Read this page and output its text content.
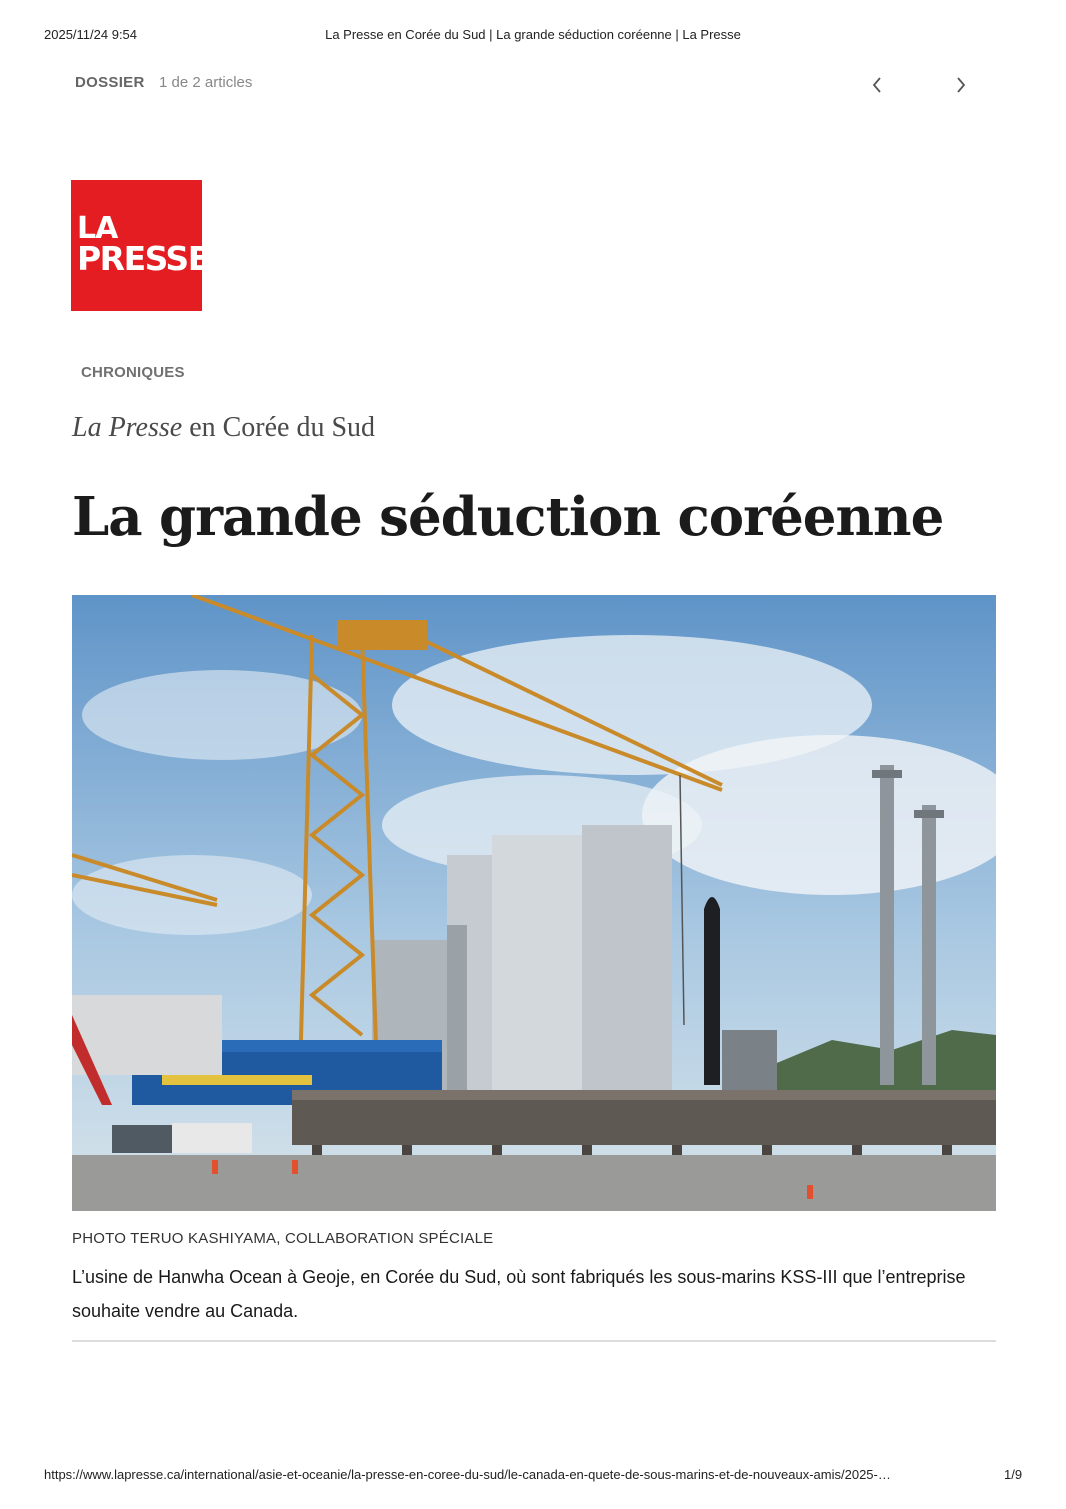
2025/11/24 9:54	La Presse en Corée du Sud | La grande séduction coréenne | La Presse
DOSSIER 1 de 2 articles
LA
PRESSE
CHRONIQUES
La Presse en Corée du Sud
La grande séduction coréenne
PHOTO TERUO KASHIYAMA, COLLABORATION SPÉCIALE
L’usine de Hanwha Ocean à Geoje, en Corée du Sud, où sont fabriqués les sous-marins KSS-III que l’entreprise souhaite vendre au Canada.
https://www.lapresse.ca/international/asie-et-oceanie/la-presse-en-coree-du-sud/le-canada-en-quete-de-sous-marins-et-de-nouveaux-amis/2025-…	1/9
